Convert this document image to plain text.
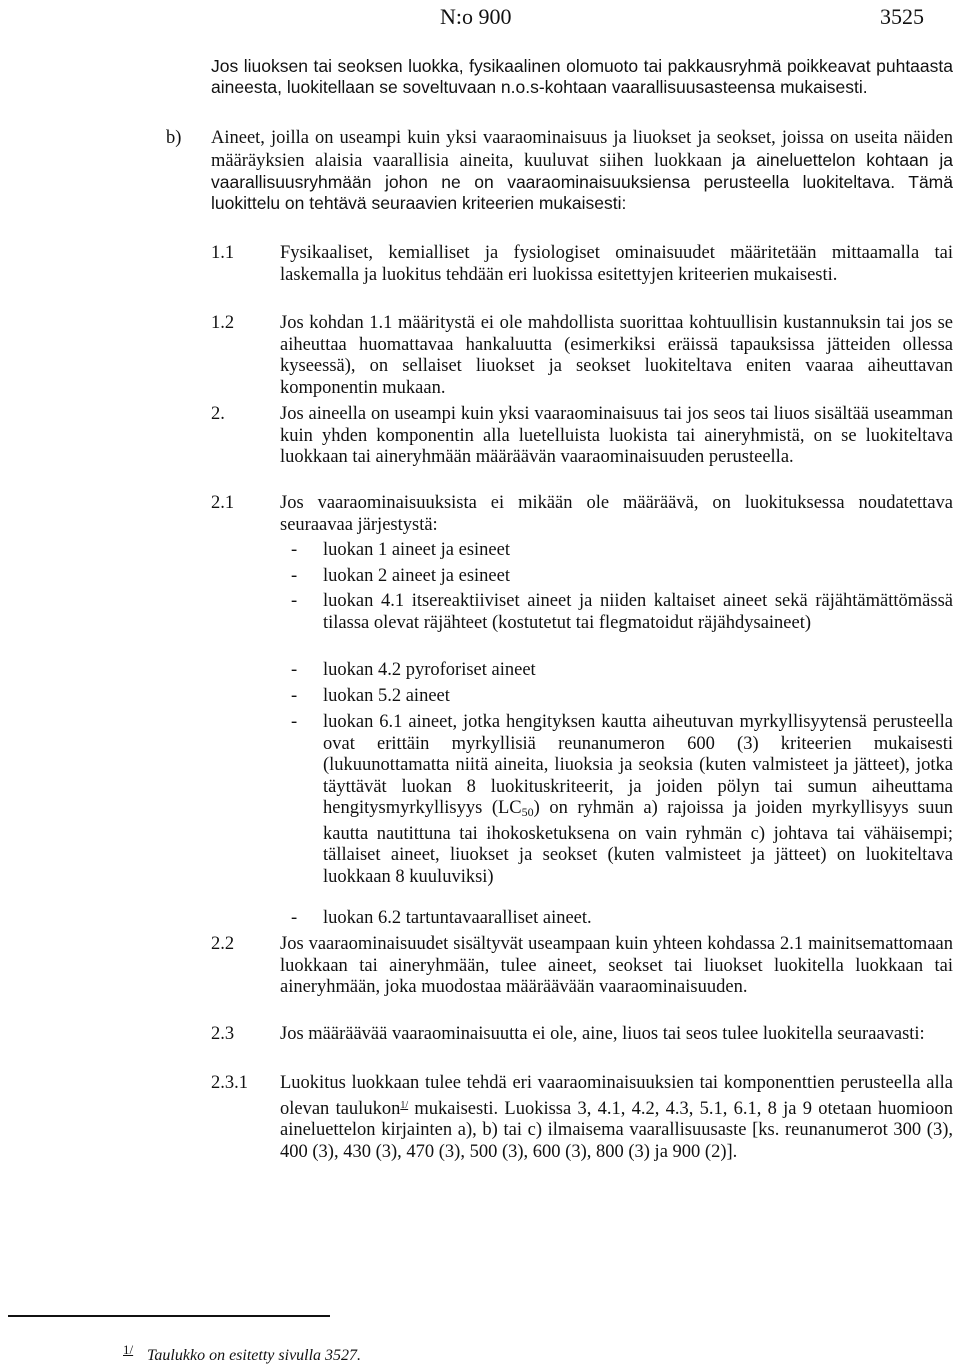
N:o 900	3525
Jos liuoksen tai seoksen luokka, fysikaalinen olomuoto tai pakkausryhmä poikkeavat puhtaasta aineesta, luokitellaan se soveltuvaan n.o.s-kohtaan vaarallisuusasteensa mukaisesti.
b) Aineet, joilla on useampi kuin yksi vaaraominaisuus ja liuokset ja seokset, joissa on useita näiden määräyksien alaisia vaarallisia aineita, kuuluvat siihen luokkaan ja aineluettelon kohtaan ja vaarallisuusryhmään johon ne on vaaraominaisuuksiensa perusteella luokiteltava. Tämä luokittelu on tehtävä seuraavien kriteerien mukaisesti:
1.1 Fysikaaliset, kemialliset ja fysiologiset ominaisuudet määritetään mittaamalla tai laskemalla ja luokitus tehdään eri luokissa esitettyjen kriteerien mukaisesti.
1.2 Jos kohdan 1.1 määritystä ei ole mahdollista suorittaa kohtuullisin kustannuksin tai jos se aiheuttaa huomattavaa hankaluutta (esimerkiksi eräissä tapauksissa jätteiden ollessa kyseessä), on sellaiset liuokset ja seokset luokiteltava eniten vaaraa aiheuttavan komponentin mukaan.
2.	Jos aineella on useampi kuin yksi vaaraominaisuus tai jos seos tai liuos sisältää useamman kuin yhden komponentin alla luetelluista luokista tai aineryhmistä, on se luokiteltava luokkaan tai aineryhmään määräävän vaaraominaisuuden perusteella.
2.1 Jos vaaraominaisuuksista ei mikään ole määräävä, on luokituksessa noudatettava seuraavaa järjestystä:
- luokan 1 aineet ja esineet
- luokan 2 aineet ja esineet
- luokan 4.1 itsereaktiiviset aineet ja niiden kaltaiset aineet sekä räjähtämättömässä tilassa olevat räjähteet (kostutetut tai flegmatoidut räjähdysaineet)
- luokan 4.2 pyroforiset aineet
- luokan 5.2 aineet
- luokan 6.1 aineet, jotka hengityksen kautta aiheutuvan myrkyllisyytensä perusteella ovat erittäin myrkyllisiä reunanumeron 600 (3) kriteerien mukaisesti (lukuunottamatta niitä aineita, liuoksia ja seoksia (kuten valmisteet ja jätteet), jotka täyttävät luokan 8 luokituskriteerit, ja joiden pölyn tai sumun aiheuttama hengitysmyrkyllisyys $(LC_{50})$ on ryhmän a) rajoissa ja joiden myrkyllisyys suun kautta nautittuna tai ihokosketuksena on vain ryhmän c) johtava tai vähäisempi; tällaiset aineet, liuokset ja seokset (kuten valmisteet ja jätteet) on luokiteltava luokkaan 8 kuuluviksi)
- luokan 6.2 tartuntavaaralliset aineet.
2.2 Jos vaaraominaisuudet sisältyvät useampaan kuin yhteen kohdassa 2.1 mainitsemattomaan luokkaan tai aineryhmään, tulee aineet, seokset tai liuokset luokitella luokkaan tai aineryhmään, joka muodostaa määräävään vaaraominaisuuden.
2.3 Jos määräävää vaaraominaisuutta ei ole, aine, liuos tai seos tulee luokitella seuraavasti:
2.3.1 Luokitus luokkaan tulee tehdä eri vaaraominaisuuksien tai komponenttien perusteella alla olevan taulukon$^{1/}$ mukaisesti. Luokissa 3, 4.1, 4.2, 4.3, 5.1, 6.1, 8 ja 9 otetaan huomioon aineluettelon kirjainten a), b) tai c) ilmaisema vaarallisuusaste [ks. reunanumerot 300 (3), 400 (3), 430 (3), 470 (3), 500 (3), 600 (3), 800 (3) ja 900 (2)].
1/ Taulukko on esitetty sivulla 3527.
